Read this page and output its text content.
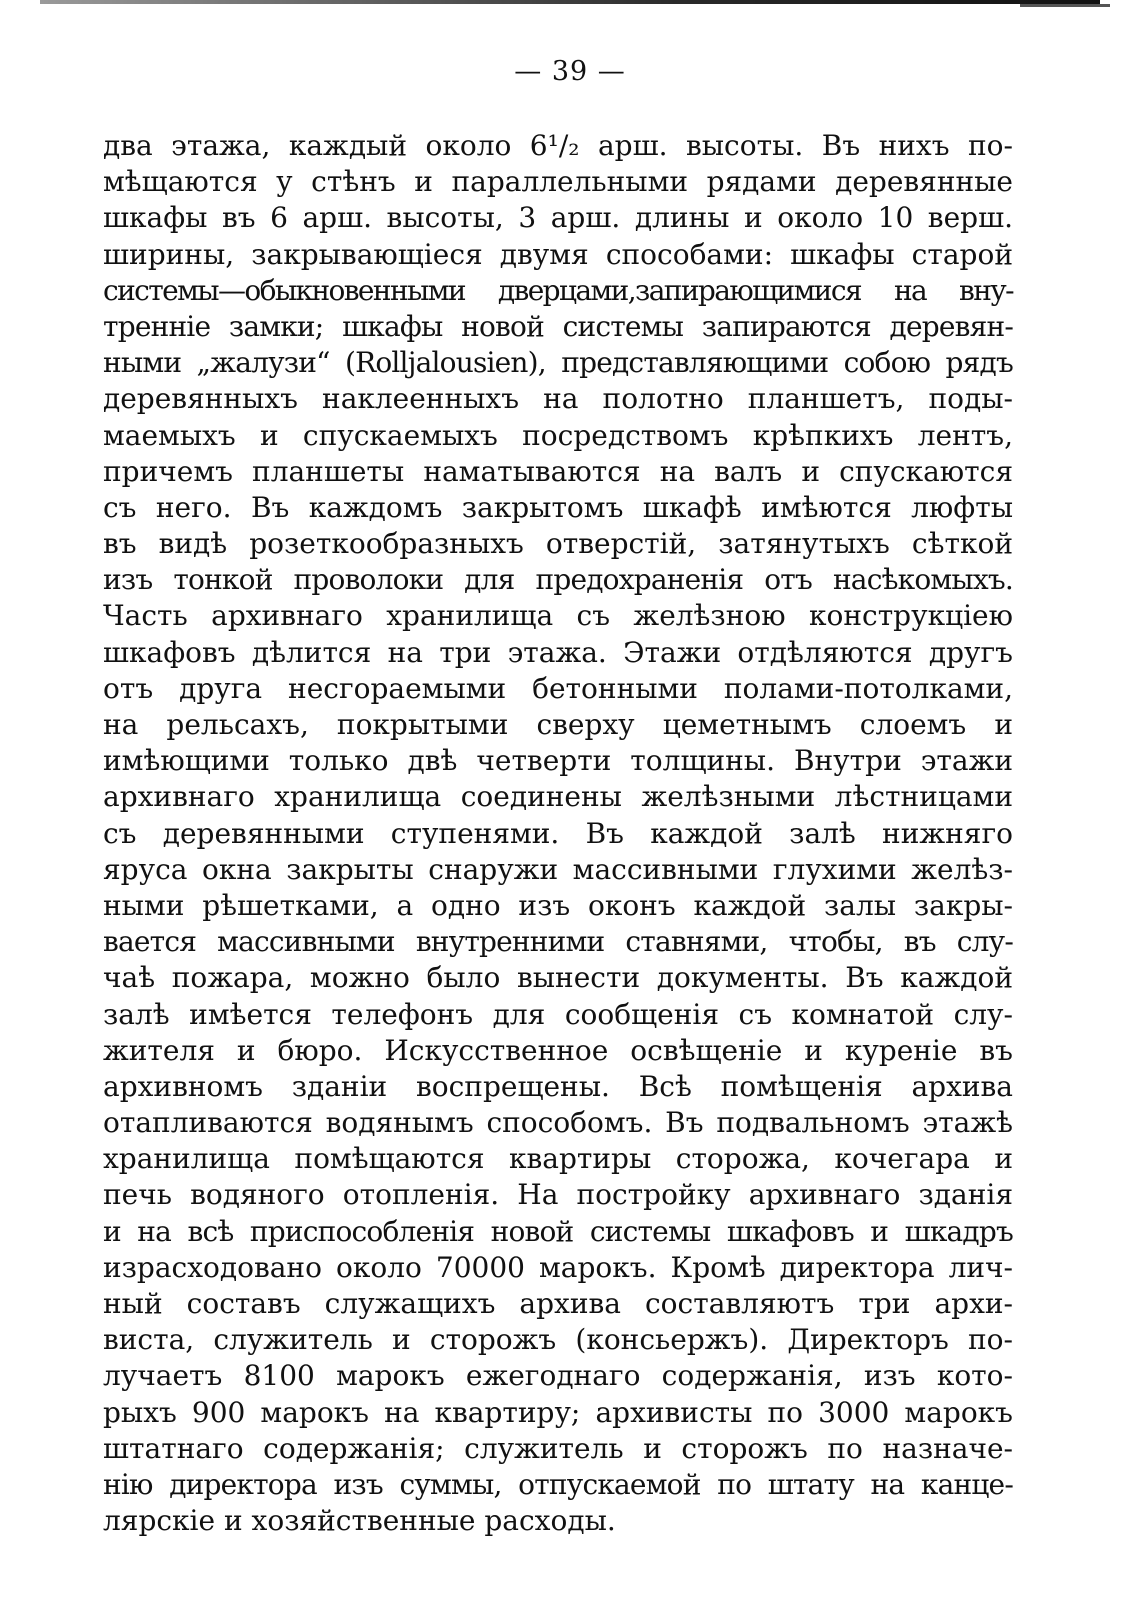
— 39 —
два этажа, каждый около 6¹/₂ арш. высоты. Въ нихъ по-
мѣщаются у стѣнъ и параллельными рядами деревянные
шкафы въ 6 арш. высоты, 3 арш. длины и около 10 верш.
ширины, закрывающіеся двумя способами: шкафы старой
системы—обыкновенными дверцами,запирающимися на вну-
тренніе замки; шкафы новой системы запираются деревян-
ными „жалузи“ (Rolljalousien), представляющими собою рядъ
деревянныхъ наклеенныхъ на полотно планшетъ, поды-
маемыхъ и спускаемыхъ посредствомъ крѣпкихъ лентъ,
причемъ планшеты наматываются на валъ и спускаются
съ него. Въ каждомъ закрытомъ шкафѣ имѣются люфты
въ видѣ розеткообразныхъ отверстій, затянутыхъ сѣткой
изъ тонкой проволоки для предохраненія отъ насѣкомыхъ.
Часть архивнаго хранилища съ желѣзною конструкціею
шкафовъ дѣлится на три этажа. Этажи отдѣляются другъ
отъ друга несгораемыми бетонными полами-потолками,
на рельсахъ, покрытыми сверху цеметнымъ слоемъ и
имѣющими только двѣ четверти толщины. Внутри этажи
архивнаго хранилища соединены желѣзными лѣстницами
съ деревянными ступенями. Въ каждой залѣ нижняго
яруса окна закрыты снаружи массивными глухими желѣз-
ными рѣшетками, а одно изъ оконъ каждой залы закры-
вается массивными внутренними ставнями, чтобы, въ слу-
чаѣ пожара, можно было вынести документы. Въ каждой
залѣ имѣется телефонъ для сообщенія съ комнатой слу-
жителя и бюро. Искусственное освѣщеніе и куреніе въ
архивномъ зданіи воспрещены. Всѣ помѣщенія архива
отапливаются водянымъ способомъ. Въ подвальномъ этажѣ
хранилища помѣщаются квартиры сторожа, кочегара и
печь водяного отопленія. На постройку архивнаго зданія
и на всѣ приспособленія новой системы шкафовъ и шкадръ
израсходовано около 70000 марокъ. Кромѣ директора лич-
ный составъ служащихъ архива составляютъ три архи-
виста, служитель и сторожъ (консьержъ). Директоръ по-
лучаетъ 8100 марокъ ежегоднаго содержанія, изъ кото-
рыхъ 900 марокъ на квартиру; архивисты по 3000 марокъ
штатнаго содержанія; служитель и сторожъ по назначе-
нію директора изъ суммы, отпускаемой по штату на канце-
лярскіе и хозяйственные расходы.
